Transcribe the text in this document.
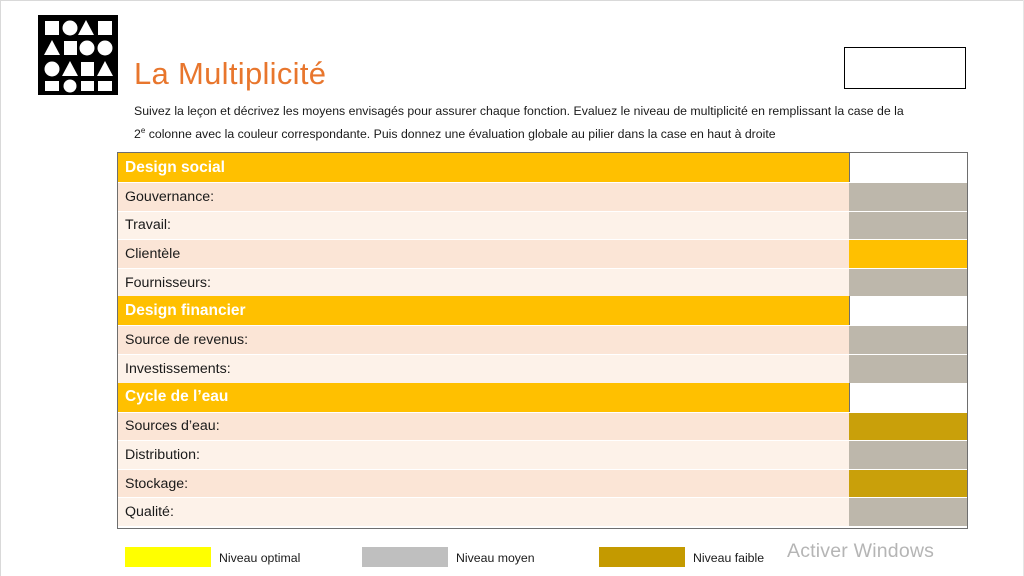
La Multiplicité
Suivez la leçon et décrivez les moyens envisagés pour assurer chaque fonction. Evaluez le niveau de multiplicité en remplissant la case de la
2e colonne avec la couleur correspondante. Puis donnez une évaluation globale au pilier dans la case en haut à droite
Design social
Gouvernance:
Travail:
Clientèle
Fournisseurs:
Design financier
Source de revenus:
Investissements:
Cycle de l’eau
Sources d’eau:
Distribution:
Stockage:
Qualité:
Niveau optimal	Niveau moyen	Niveau faible Activer Windows
